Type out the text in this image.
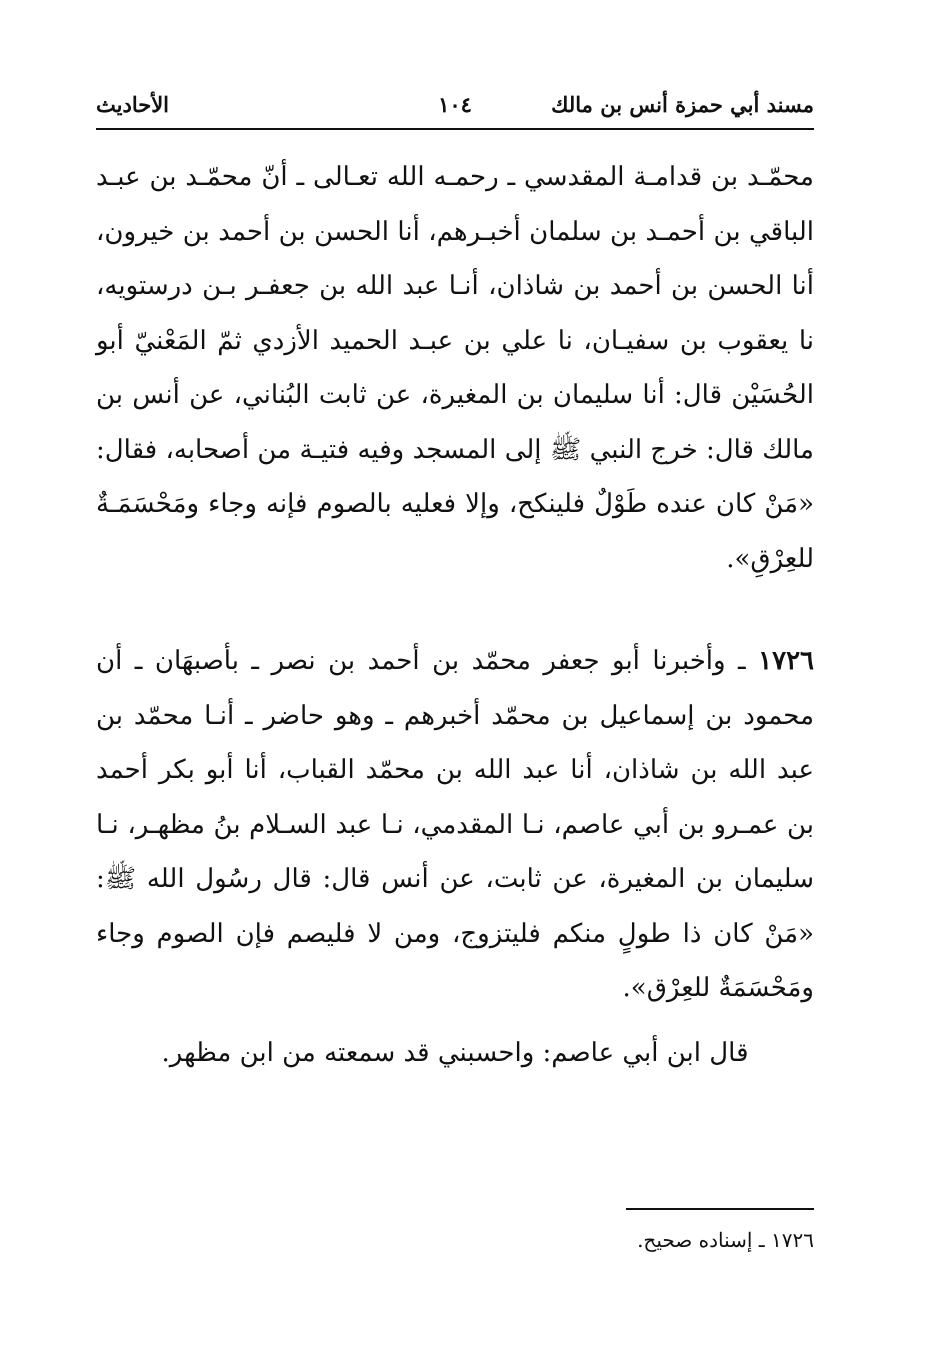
مسند أبي حمزة أنس بن مالك
١٠٤
الأحاديث

محمّـد بن قدامـة المقدسي ـ رحمـه الله تعـالى ـ أنّ محمّـد بن عبـد الباقي بن أحمـد بن سلمان أخبـرهم، أنا الحسن بن أحمد بن خيرون، أنا الحسن بن أحمد بن شاذان، أنـا عبد الله بن جعفـر بـن درستويه، نا يعقوب بن سفيـان، نا علي بن عبـد الحميد الأزدي ثمّ المَعْنيّ أبو الحُسَيْن قال: أنا سليمان بن المغيرة، عن ثابت البُناني، عن أنس بن مالك قال: خرج النبي ﷺ إلى المسجد وفيه فتيـة من أصحابه، فقال: «مَنْ كان عنده طَوْلٌ فلينكح، وإلا فعليه بالصوم فإنه وجاء ومَحْسَمَـةٌ للعِرْقِ».

١٧٢٦ ـ وأخبرنا أبو جعفر محمّد بن أحمد بن نصر ـ بأصبهَان ـ أن محمود بن إسماعيل بن محمّد أخبرهم ـ وهو حاضر ـ أنـا محمّد بن عبد الله بن شاذان، أنا عبد الله بن محمّد القباب، أنا أبو بكر أحمد بن عمـرو بن أبي عاصم، نـا المقدمي، نـا عبد السـلام بنُ مظهـر، نـا سليمان بن المغيرة، عن ثابت، عن أنس قال: قال رسُول الله ﷺ: «مَنْ كان ذا طولٍ منكم فليتزوج، ومن لا فليصم فإن الصوم وجاء ومَحْسَمَةٌ للعِرْق».

قال ابن أبي عاصم: واحسبني قد سمعته من ابن مظهر.

١٧٢٦ ـ إسناده صحيح.
